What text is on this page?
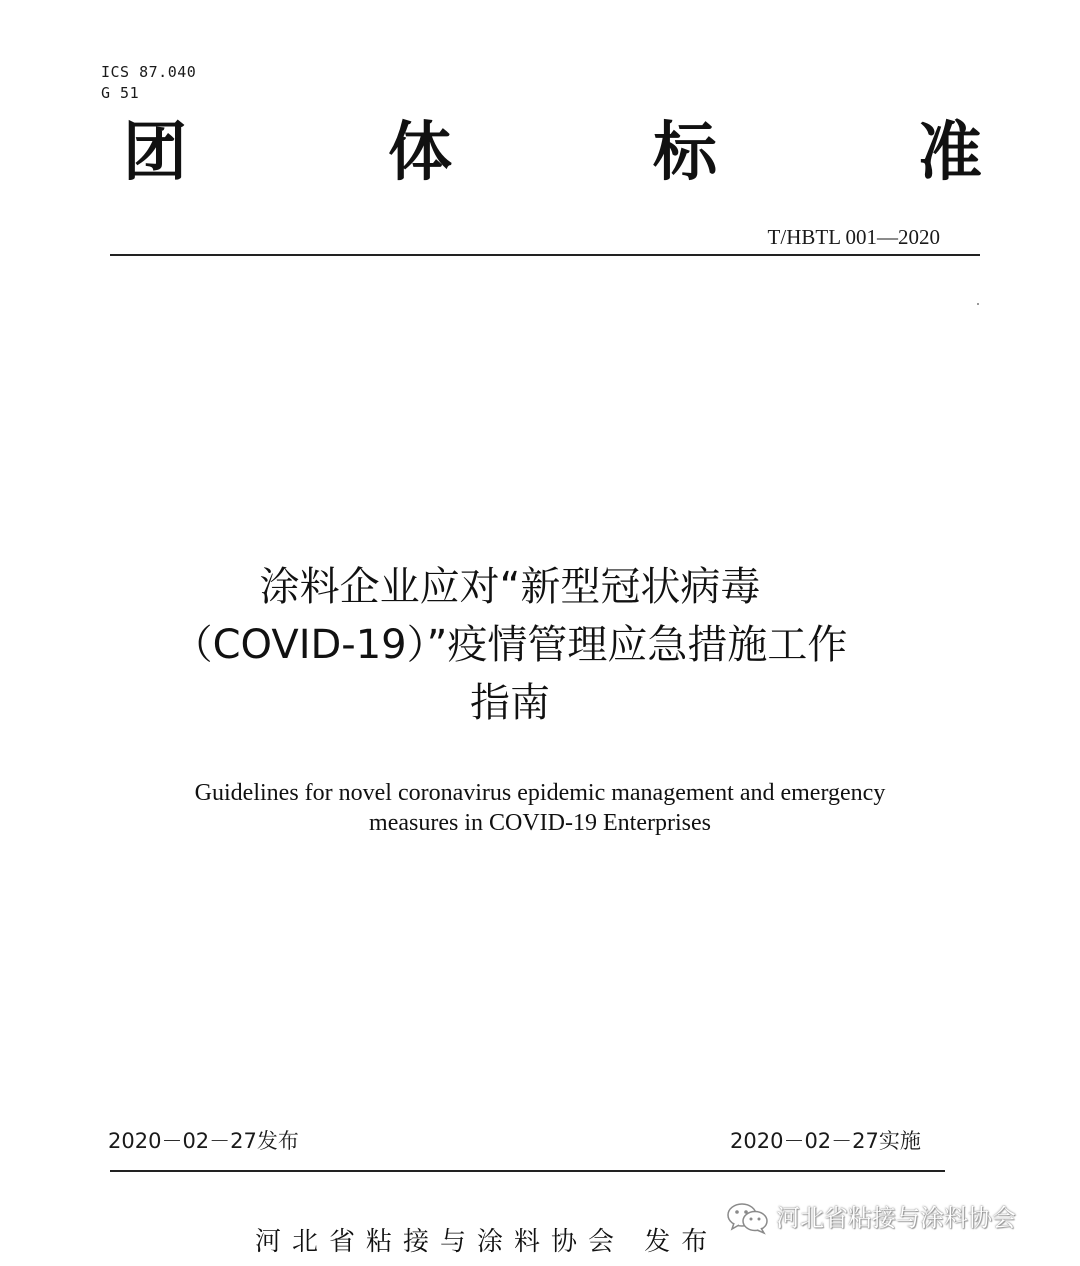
ICS 87.040
G 51
团	体	标	准
T/HBTL 001—2020
涂料企业应对“新型冠状病毒
（COVID-19）”疫情管理应急措施工作
指南
Guidelines for novel coronavirus epidemic management and emergency
measures in COVID-19 Enterprises
2020－02－27发布	2020－02－27实施
河北省粘接与涂料协会 发布
河北省粘接与涂料协会
